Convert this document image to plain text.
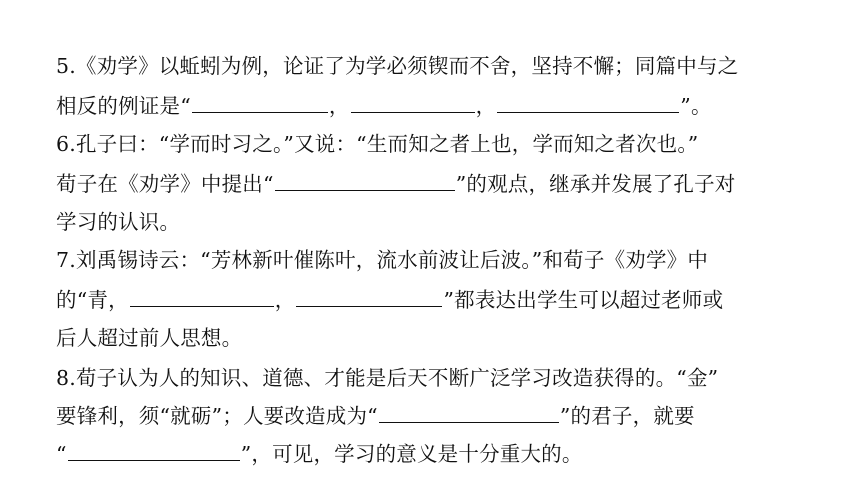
5.《劝学》以蚯蚓为例，论证了为学必须锲而不舍，坚持不懈；同篇中与之
相反的例证是“	，	，	”。
6.孔子曰：“学而时习之。”又说：“生而知之者上也，学而知之者次也。”
荀子在《劝学》中提出“	”的观点，继承并发展了孔子对
学习的认识。
7.刘禹锡诗云：“芳林新叶催陈叶，流水前波让后波。”和荀子《劝学》中
的“青，	，	”都表达出学生可以超过老师或
后人超过前人思想。
8.荀子认为人的知识、道德、才能是后天不断广泛学习改造获得的。“金”
要锋利，须“就砺”；人要改造成为“	”的君子，就要
“	”，可见，学习的意义是十分重大的。
